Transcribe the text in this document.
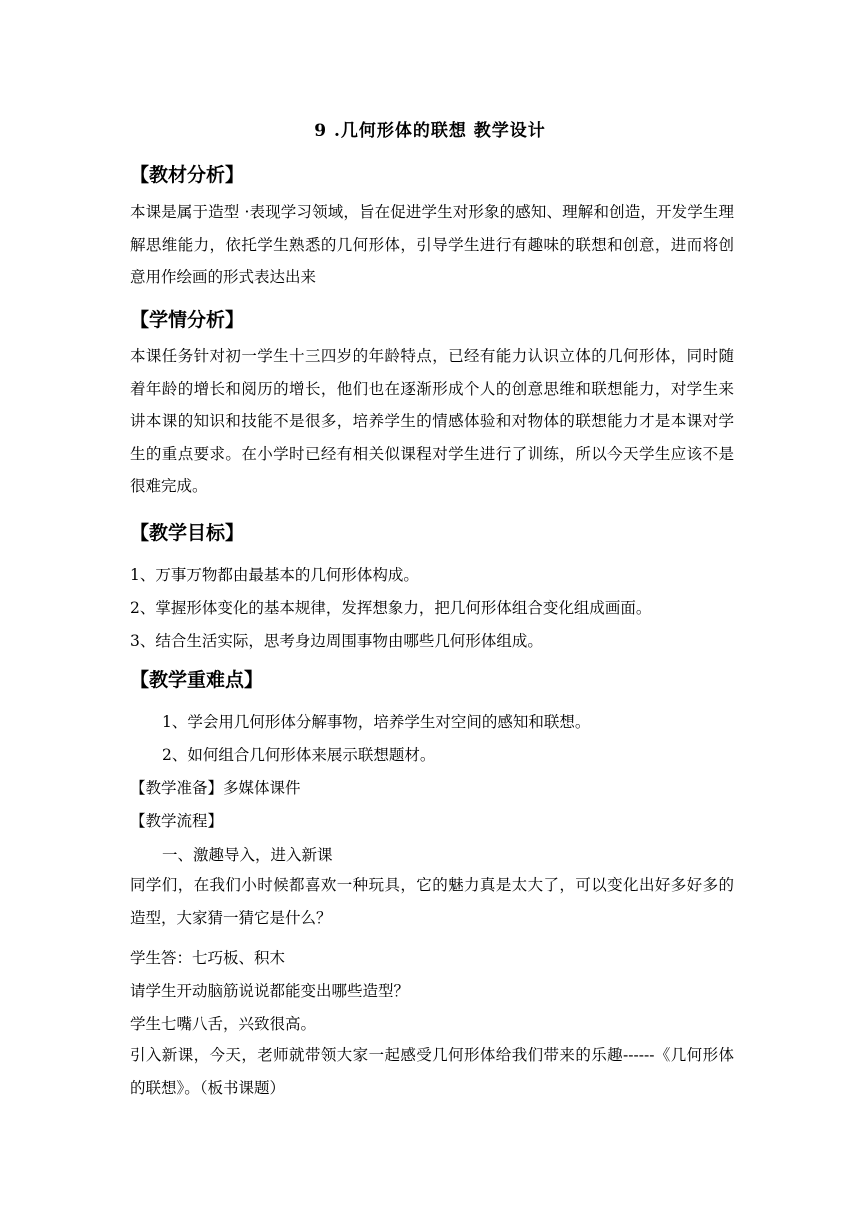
9 .几何形体的联想 教学设计
【教材分析】
本课是属于造型 ·表现学习领域，旨在促进学生对形象的感知、理解和创造，开发学生理解思维能力，依托学生熟悉的几何形体，引导学生进行有趣味的联想和创意，进而将创意用作绘画的形式表达出来
【学情分析】
本课任务针对初一学生十三四岁的年龄特点，已经有能力认识立体的几何形体，同时随着年龄的增长和阅历的增长，他们也在逐渐形成个人的创意思维和联想能力，对学生来讲本课的知识和技能不是很多，培养学生的情感体验和对物体的联想能力才是本课对学生的重点要求。在小学时已经有相关似课程对学生进行了训练，所以今天学生应该不是很难完成。
【教学目标】
1、万事万物都由最基本的几何形体构成。
2、掌握形体变化的基本规律，发挥想象力，把几何形体组合变化组成画面。
3、结合生活实际，思考身边周围事物由哪些几何形体组成。
【教学重难点】
1、学会用几何形体分解事物，培养学生对空间的感知和联想。
2、如何组合几何形体来展示联想题材。
【教学准备】多媒体课件
【教学流程】
一、激趣导入，进入新课
同学们，在我们小时候都喜欢一种玩具，它的魅力真是太大了，可以变化出好多好多的造型，大家猜一猜它是什么？
学生答：七巧板、积木
请学生开动脑筋说说都能变出哪些造型？
学生七嘴八舌，兴致很高。
引入新课，今天，老师就带领大家一起感受几何形体给我们带来的乐趣------《几何形体的联想》。（板书课题）
